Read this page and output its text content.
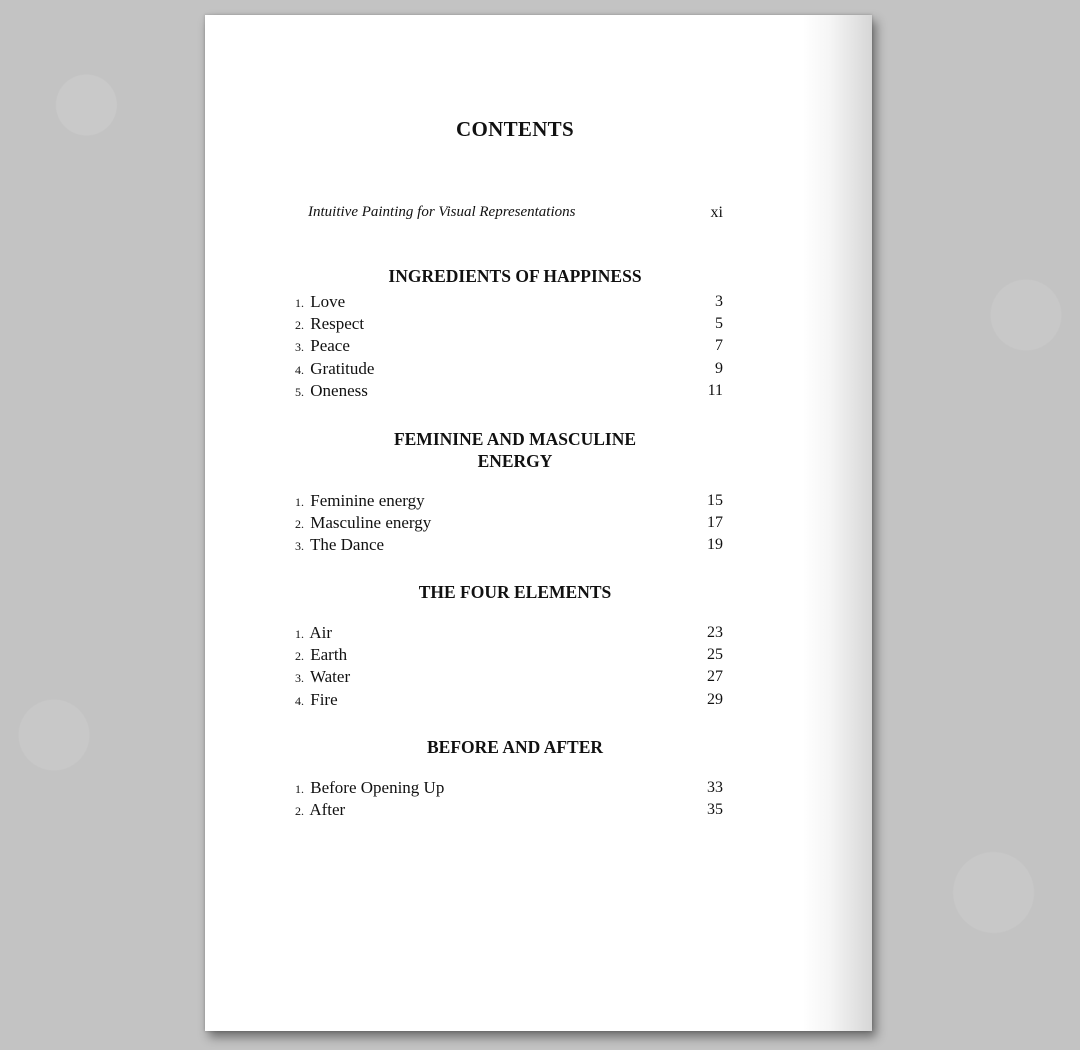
CONTENTS
Intuitive Painting for Visual Representations	xi
INGREDIENTS OF HAPPINESS
1. Love	3
2. Respect	5
3. Peace	7
4. Gratitude	9
5. Oneness	11
FEMININE AND MASCULINE ENERGY
1. Feminine energy	15
2. Masculine energy	17
3. The Dance	19
THE FOUR ELEMENTS
1. Air	23
2. Earth	25
3. Water	27
4. Fire	29
BEFORE AND AFTER
1. Before Opening Up	33
2. After	35
